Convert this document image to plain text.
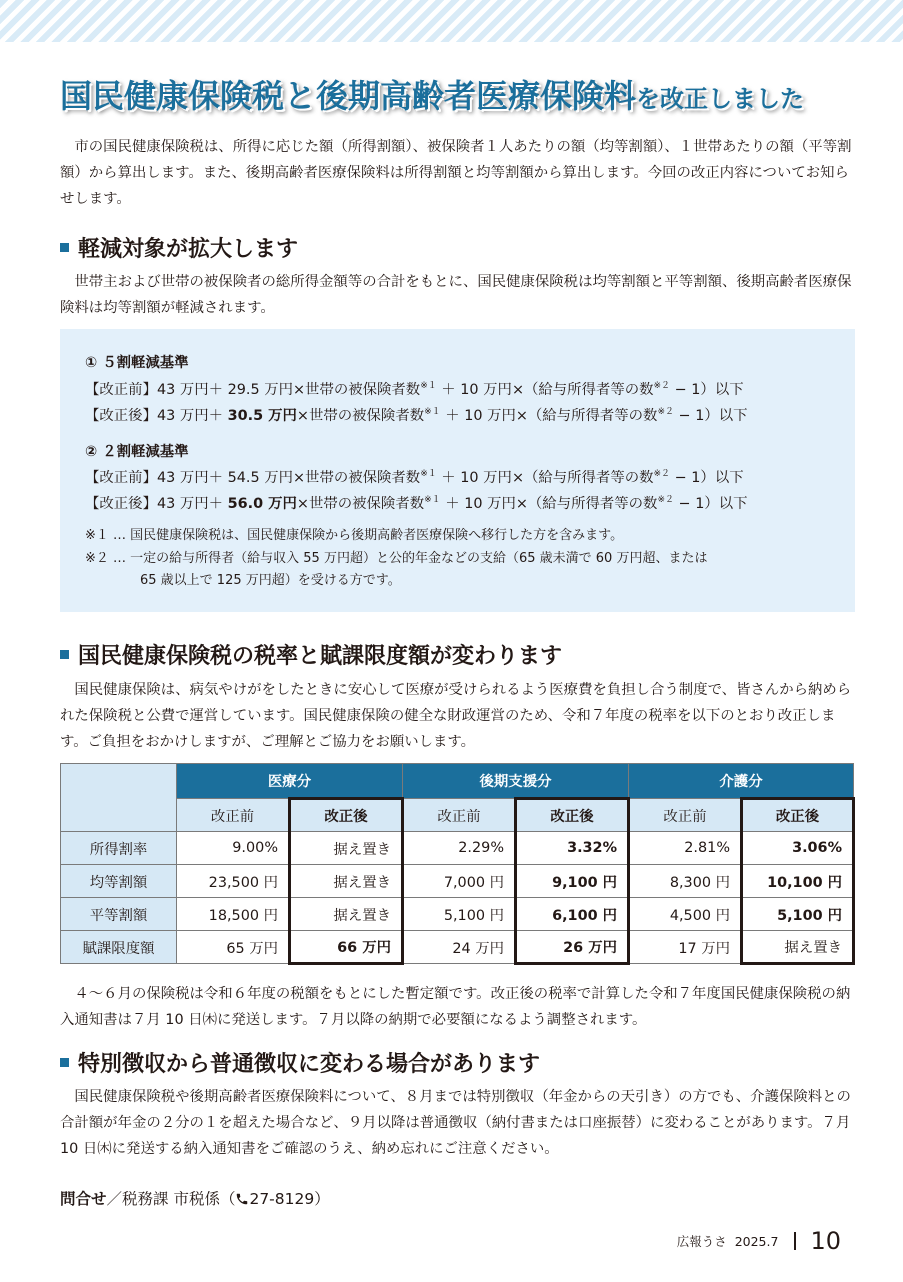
国民健康保険税と後期高齢者医療保険料を改正しました

市の国民健康保険税は、所得に応じた額（所得割額）、被保険者１人あたりの額（均等割額）、１世帯あたりの額（平等割額）から算出します。また、後期高齢者医療保険料は所得割額と均等割額から算出します。今回の改正内容についてお知らせします。

軽減対象が拡大します

世帯主および世帯の被保険者の総所得金額等の合計をもとに、国民健康保険税は均等割額と平等割額、後期高齢者医療保険料は均等割額が軽減されます。

① ５割軽減基準

【改正前】43 万円＋ 29.5 万円×世帯の被保険者数$^{※1}$ ＋ 10 万円×（給与所得者等の数$^{※2}$ − 1）以下

【改正後】43 万円＋ 30.5 万円×世帯の被保険者数$^{※1}$ ＋ 10 万円×（給与所得者等の数$^{※2}$ − 1）以下

② ２割軽減基準

【改正前】43 万円＋ 54.5 万円×世帯の被保険者数$^{※1}$ ＋ 10 万円×（給与所得者等の数$^{※2}$ − 1）以下

【改正後】43 万円＋ 56.0 万円×世帯の被保険者数$^{※1}$ ＋ 10 万円×（給与所得者等の数$^{※2}$ − 1）以下

※１ … 国民健康保険税は、国民健康保険から後期高齢者医療保険へ移行した方を含みます。

※２ … 一定の給与所得者（給与収入 55 万円超）と公的年金などの支給（65 歳未満で 60 万円超、または

65 歳以上で 125 万円超）を受ける方です。

国民健康保険税の税率と賦課限度額が変わります

国民健康保険は、病気やけがをしたときに安心して医療が受けられるよう医療費を負担し合う制度で、皆さんから納められた保険税と公費で運営しています。国民健康保険の健全な財政運営のため、令和７年度の税率を以下のとおり改正します。ご負担をおかけしますが、ご理解とご協力をお願いします。

	医療分		後期支援分		介護分	
	改正前	改正後	改正前	改正後	改正前	改正後
所得割率	9.00%	据え置き	2.29%	3.32%	2.81%	3.06%
均等割額	23,500 円	据え置き	7,000 円	9,100 円	8,300 円	10,100 円
平等割額	18,500 円	据え置き	5,100 円	6,100 円	4,500 円	5,100 円
賦課限度額	65 万円	66 万円	24 万円	26 万円	17 万円	据え置き

４～６月の保険税は令和６年度の税額をもとにした暫定額です。改正後の税率で計算した令和７年度国民健康保険税の納入通知書は７月 10 日㈭に発送します。７月以降の納期で必要額になるよう調整されます。

特別徴収から普通徴収に変わる場合があります

国民健康保険税や後期高齢者医療保険料について、８月までは特別徴収（年金からの天引き）の方でも、介護保険料との合計額が年金の２分の１を超えた場合など、９月以降は普通徴収（納付書または口座振替）に変わることがあります。７月 10 日㈭に発送する納入通知書をご確認のうえ、納め忘れにご注意ください。

問合せ／税務課 市税係（ 27-8129）

広報うさ 2025.7 10
